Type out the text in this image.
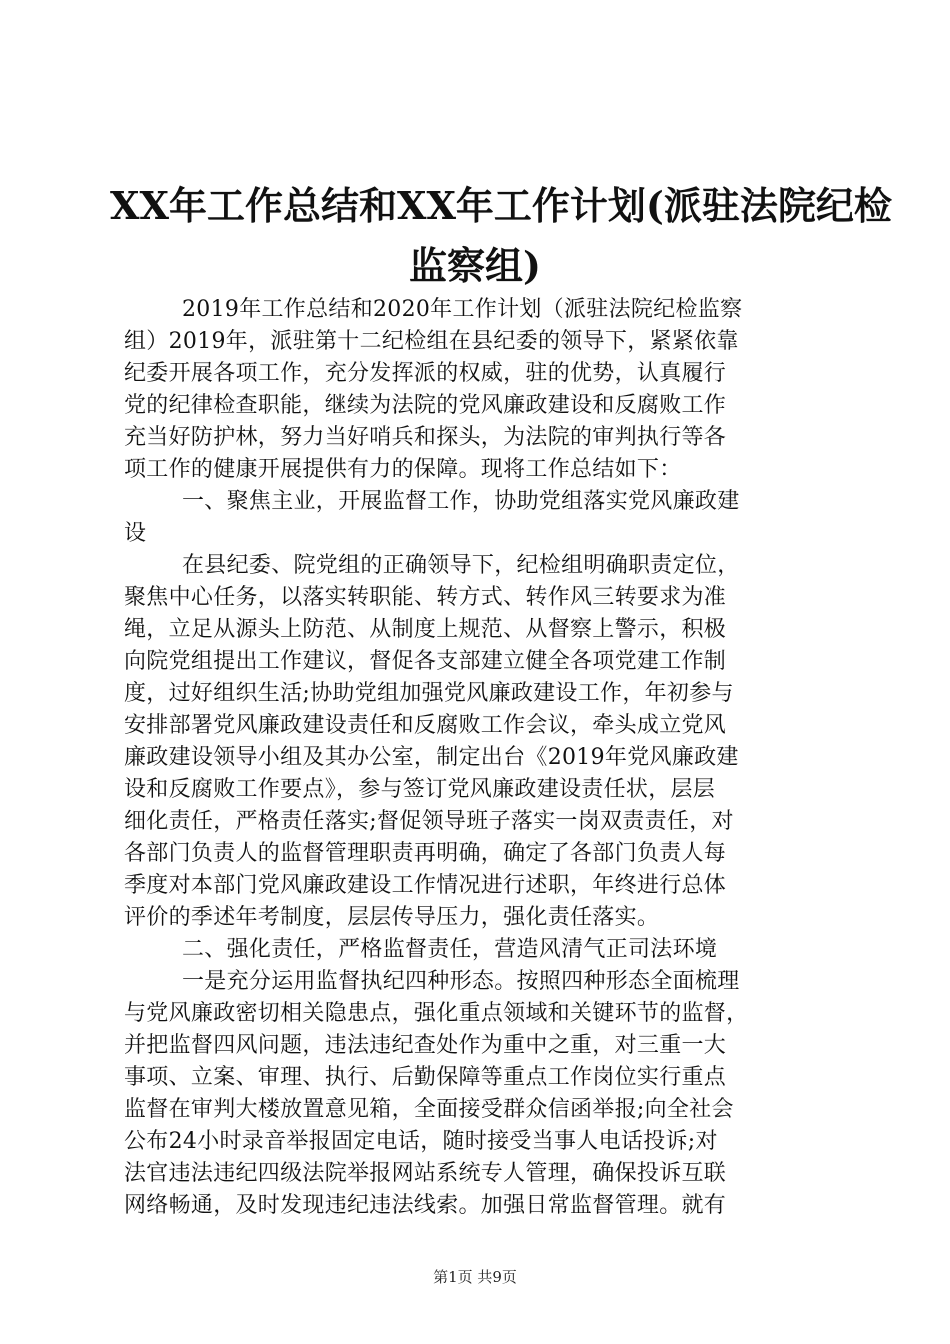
XX年工作总结和XX年工作计划(派驻法院纪检
监察组)
2019年工作总结和2020年工作计划（派驻法院纪检监察
组）2019年，派驻第十二纪检组在县纪委的领导下，紧紧依靠
纪委开展各项工作，充分发挥派的权威，驻的优势，认真履行
党的纪律检查职能，继续为法院的党风廉政建设和反腐败工作
充当好防护林，努力当好哨兵和探头，为法院的审判执行等各
项工作的健康开展提供有力的保障。现将工作总结如下：
一、聚焦主业，开展监督工作，协助党组落实党风廉政建
设
在县纪委、院党组的正确领导下，纪检组明确职责定位，
聚焦中心任务，以落实转职能、转方式、转作风三转要求为准
绳，立足从源头上防范、从制度上规范、从督察上警示，积极
向院党组提出工作建议，督促各支部建立健全各项党建工作制
度，过好组织生活;协助党组加强党风廉政建设工作，年初参与
安排部署党风廉政建设责任和反腐败工作会议，牵头成立党风
廉政建设领导小组及其办公室，制定出台《2019年党风廉政建
设和反腐败工作要点》，参与签订党风廉政建设责任状，层层
细化责任，严格责任落实;督促领导班子落实一岗双责责任，对
各部门负责人的监督管理职责再明确，确定了各部门负责人每
季度对本部门党风廉政建设工作情况进行述职，年终进行总体
评价的季述年考制度，层层传导压力，强化责任落实。
二、强化责任，严格监督责任，营造风清气正司法环境
一是充分运用监督执纪四种形态。按照四种形态全面梳理
与党风廉政密切相关隐患点，强化重点领域和关键环节的监督，
并把监督四风问题，违法违纪查处作为重中之重，对三重一大
事项、立案、审理、执行、后勤保障等重点工作岗位实行重点
监督在审判大楼放置意见箱，全面接受群众信函举报;向全社会
公布24小时录音举报固定电话，随时接受当事人电话投诉;对
法官违法违纪四级法院举报网站系统专人管理，确保投诉互联
网络畅通，及时发现违纪违法线索。加强日常监督管理。就有
第1页 共9页
